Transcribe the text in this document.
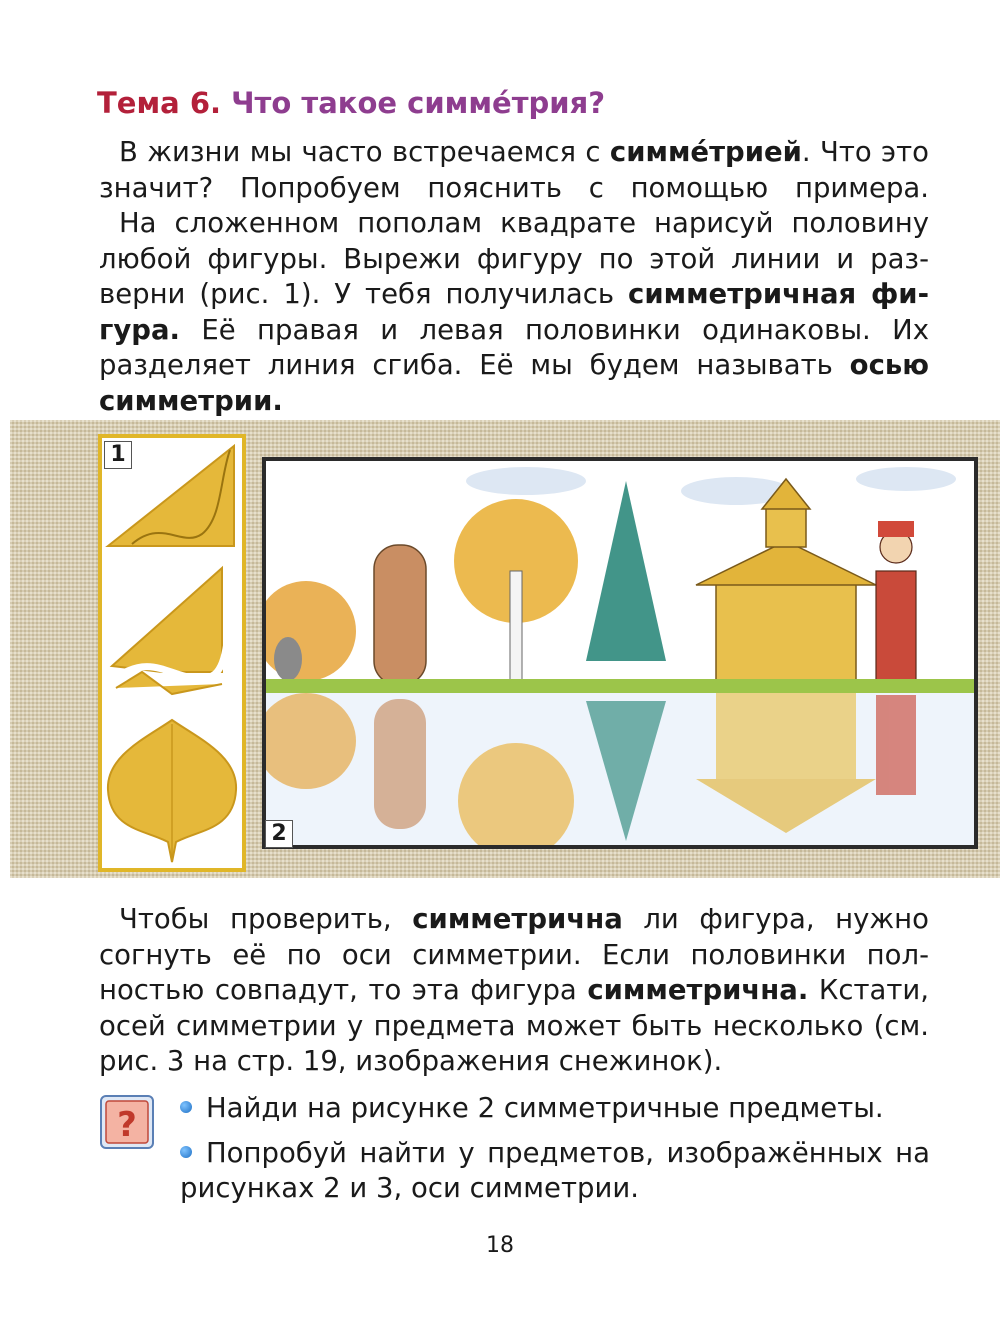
Тема 6. Что такое симме́трия?
В жизни мы часто встречаемся с симме́трией. Что это значит? Попробуем пояснить с помощью примера.
На сложенном пополам квадрате нарисуй половину любой фигуры. Вырежи фигуру по этой линии и разверни (рис. 1). У тебя получилась симметричная фигура. Её правая и левая половинки одинаковы. Их разделяет линия сгиба. Её мы будем называть осью симметрии.
1
2
Чтобы проверить, симметрична ли фигура, нужно согнуть её по оси симметрии. Если половинки полностью совпадут, то эта фигура симметрична. Кстати, осей симметрии у предмета может быть несколько (см. рис. 3 на стр. 19, изображения снежинок).
?	Найди на рисунке 2 симметричные предметы.
Попробуй найти у предметов, изображённых на рисунках 2 и 3, оси симметрии.
18
